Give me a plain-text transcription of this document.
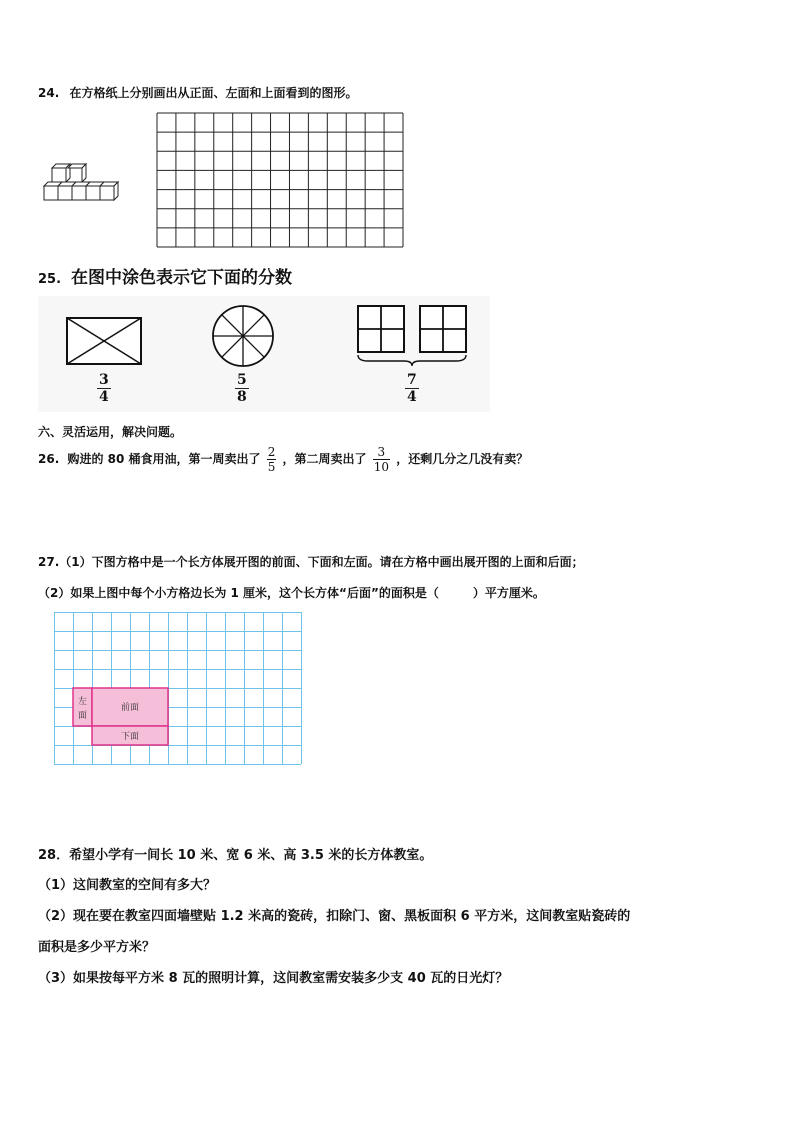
24. 在方格纸上分别画出从正面、左面和上面看到的图形。
25. 在图中涂色表示它下面的分数
$\frac{3}{4}$	$\frac{5}{8}$	$\frac{7}{4}$
六、灵活运用，解决问题。
26. 购进的 80 桶食用油，第一周卖出了 $\frac{2}{5}$ ，第二周卖出了 $\frac{3}{10}$ ，还剩几分之几没有卖？
27.（1）下图方格中是一个长方体展开图的前面、下面和左面。请在方格中画出展开图的上面和后面；
（2）如果上图中每个小方格边长为 1 厘米，这个长方体“后面”的面积是（	）平方厘米。
左
面
前面
下面
28．希望小学有一间长 10 米、宽 6 米、高 3.5 米的长方体教室。
（1）这间教室的空间有多大？
（2）现在要在教室四面墙壁贴 1.2 米高的瓷砖，扣除门、窗、黑板面积 6 平方米，这间教室贴瓷砖的
面积是多少平方米？
（3）如果按每平方米 8 瓦的照明计算，这间教室需安装多少支 40 瓦的日光灯？
